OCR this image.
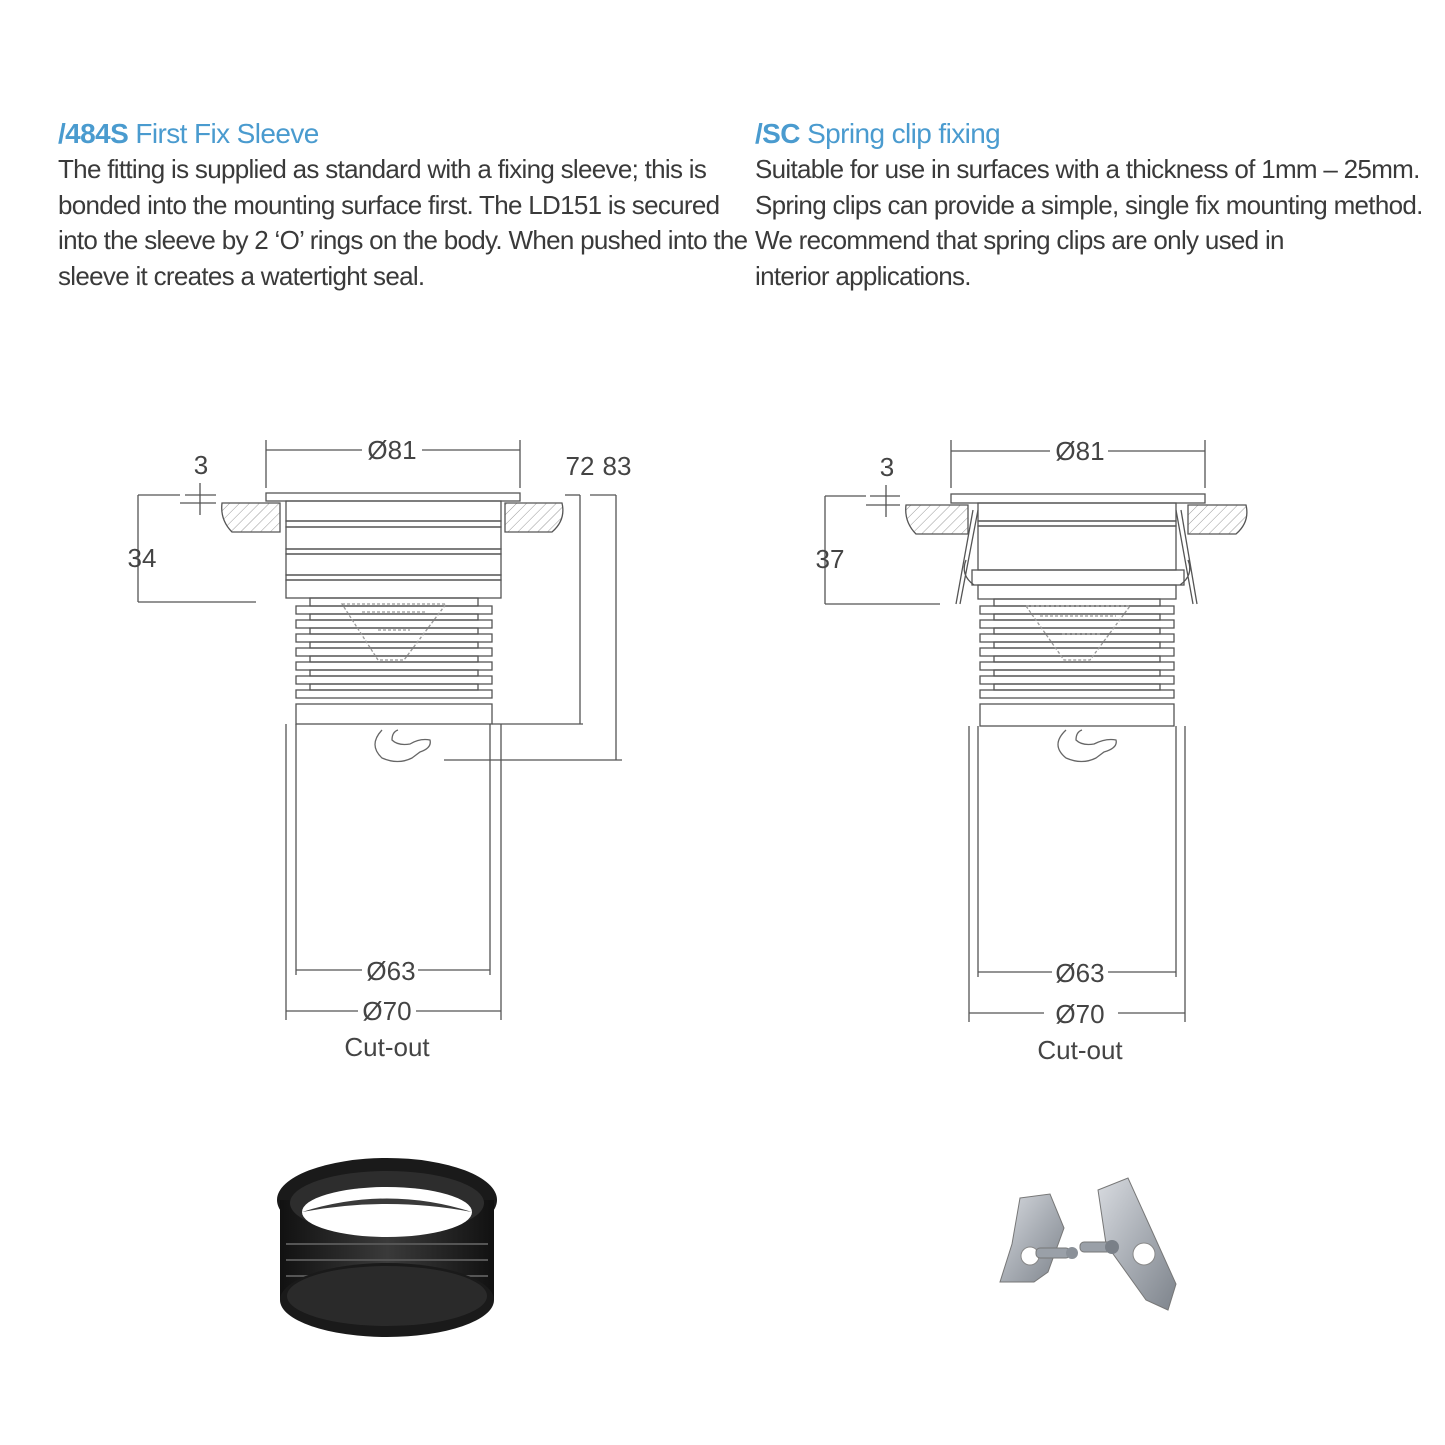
/484S First Fix Sleeve
The fitting is supplied as standard with a fixing sleeve; this is
bonded into the mounting surface first. The LD151 is secured
into the sleeve by 2 ‘O’ rings on the body. When pushed into the
sleeve it creates a watertight seal.
/SC Spring clip fixing
Suitable for use in surfaces with a thickness of 1mm – 25mm.
Spring clips can provide a simple, single fix mounting method.
We recommend that spring clips are only used in
interior applications.
Ø81
3
34
72 83
Ø63
Ø70
Cut-out
Ø81
3
37
Ø63
Ø70
Cut-out
